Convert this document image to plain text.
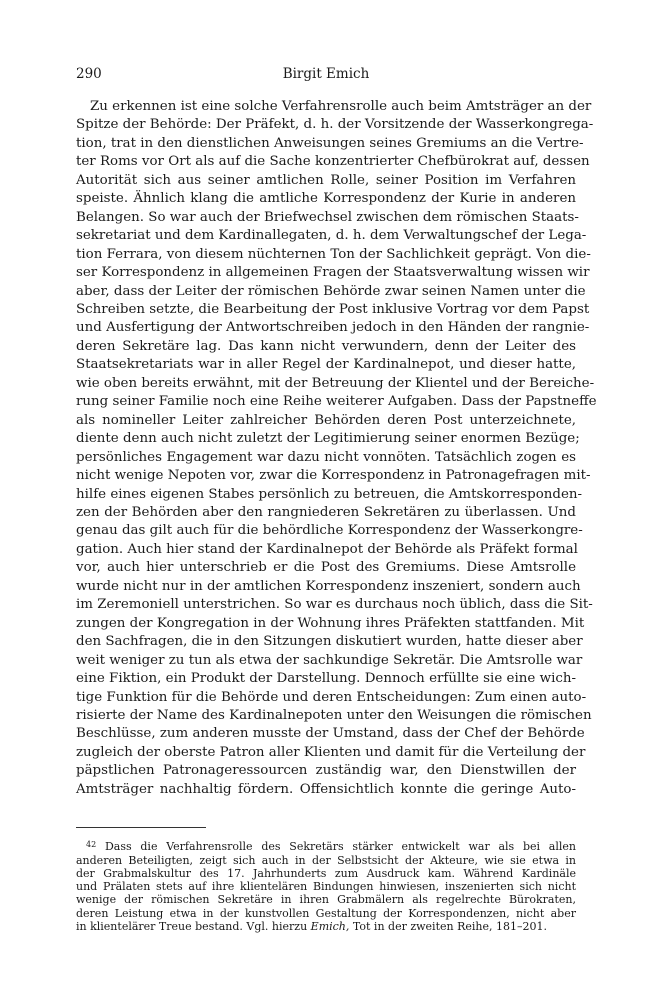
290	Birgit Emich
Zu erkennen ist eine solche Verfahrensrolle auch beim Amtsträger an der
Spitze der Behörde: Der Präfekt, d. h. der Vorsitzende der Wasserkongrega-
tion, trat in den dienstlichen Anweisungen seines Gremiums an die Vertre-
ter Roms vor Ort als auf die Sache konzentrierter Chefbürokrat auf, dessen
Autorität sich aus seiner amtlichen Rolle, seiner Position im Verfahren
speiste. Ähnlich klang die amtliche Korrespondenz der Kurie in anderen
Belangen. So war auch der Briefwechsel zwischen dem römischen Staats-
sekretariat und dem Kardinallegaten, d. h. dem Verwaltungschef der Lega-
tion Ferrara, von diesem nüchternen Ton der Sachlichkeit geprägt. Von die-
ser Korrespondenz in allgemeinen Fragen der Staatsverwaltung wissen wir
aber, dass der Leiter der römischen Behörde zwar seinen Namen unter die
Schreiben setzte, die Bearbeitung der Post inklusive Vortrag vor dem Papst
und Ausfertigung der Antwortschreiben jedoch in den Händen der rangnie-
deren Sekretäre lag. Das kann nicht verwundern, denn der Leiter des
Staatsekretariats war in aller Regel der Kardinalnepot, und dieser hatte,
wie oben bereits erwähnt, mit der Betreuung der Klientel und der Bereiche-
rung seiner Familie noch eine Reihe weiterer Aufgaben. Dass der Papstneffe
als nomineller Leiter zahlreicher Behörden deren Post unterzeichnete,
diente denn auch nicht zuletzt der Legitimierung seiner enormen Bezüge;
persönliches Engagement war dazu nicht vonnöten. Tatsächlich zogen es
nicht wenige Nepoten vor, zwar die Korrespondenz in Patronagefragen mit-
hilfe eines eigenen Stabes persönlich zu betreuen, die Amtskorresponden-
zen der Behörden aber den rangniederen Sekretären zu überlassen. Und
genau das gilt auch für die behördliche Korrespondenz der Wasserkongre-
gation. Auch hier stand der Kardinalnepot der Behörde als Präfekt formal
vor, auch hier unterschrieb er die Post des Gremiums. Diese Amtsrolle
wurde nicht nur in der amtlichen Korrespondenz inszeniert, sondern auch
im Zeremoniell unterstrichen. So war es durchaus noch üblich, dass die Sit-
zungen der Kongregation in der Wohnung ihres Präfekten stattfanden. Mit
den Sachfragen, die in den Sitzungen diskutiert wurden, hatte dieser aber
weit weniger zu tun als etwa der sachkundige Sekretär. Die Amtsrolle war
eine Fiktion, ein Produkt der Darstellung. Dennoch erfüllte sie eine wich-
tige Funktion für die Behörde und deren Entscheidungen: Zum einen auto-
risierte der Name des Kardinalnepoten unter den Weisungen die römischen
Beschlüsse, zum anderen musste der Umstand, dass der Chef der Behörde
zugleich der oberste Patron aller Klienten und damit für die Verteilung der
päpstlichen Patronageressourcen zuständig war, den Dienstwillen der
Amtsträger nachhaltig fördern. Offensichtlich konnte die geringe Auto-
$^{42}$ Dass die Verfahrensrolle des Sekretärs stärker entwickelt war als bei allen
anderen Beteiligten, zeigt sich auch in der Selbstsicht der Akteure, wie sie etwa in
der Grabmalskultur des 17. Jahrhunderts zum Ausdruck kam. Während Kardinäle
und Prälaten stets auf ihre klientelären Bindungen hinwiesen, inszenierten sich nicht
wenige der römischen Sekretäre in ihren Grabmälern als regelrechte Bürokraten,
deren Leistung etwa in der kunstvollen Gestaltung der Korrespondenzen, nicht aber
in klientelärer Treue bestand. Vgl. hierzu Emich, Tot in der zweiten Reihe, 181–201.
